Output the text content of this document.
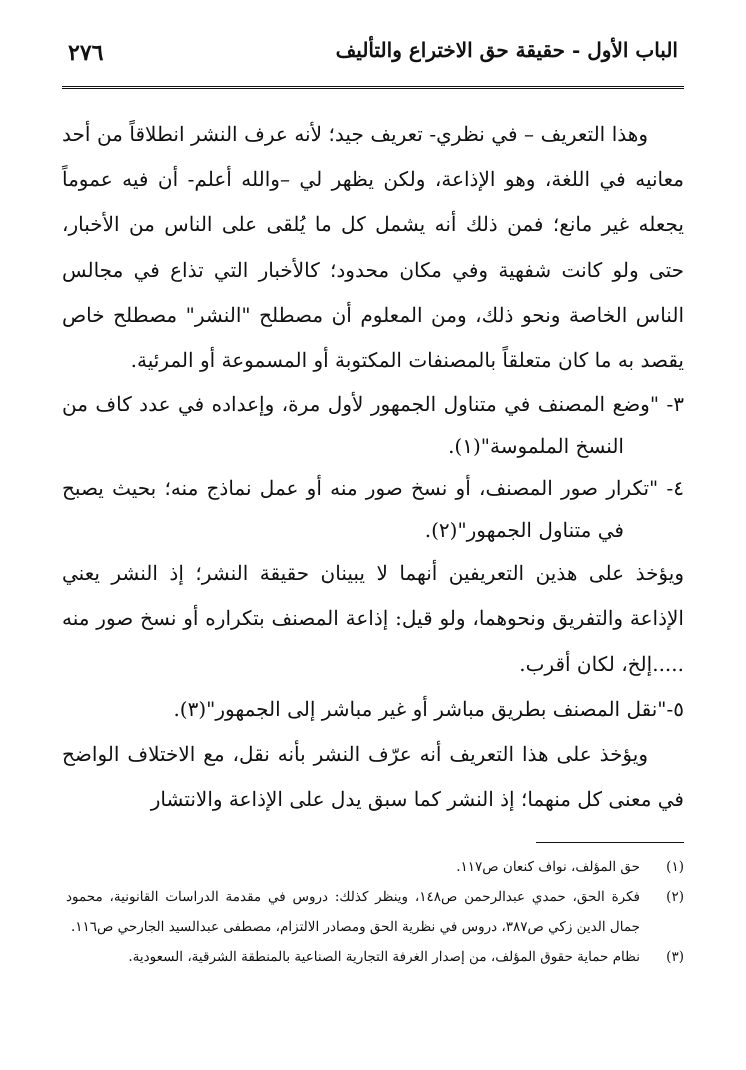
الباب الأول - حقيقة حق الاختراع والتأليف
٢٧٦

وهذا التعريف – في نظري- تعريف جيد؛ لأنه عرف النشر انطلاقاً من أحد معانيه في اللغة، وهو الإذاعة، ولكن يظهر لي –والله أعلم- أن فيه عموماً يجعله غير مانع؛ فمن ذلك أنه يشمل كل ما يُلقى على الناس من الأخبار، حتى ولو كانت شفهية وفي مكان محدود؛ كالأخبار التي تذاع في مجالس الناس الخاصة ونحو ذلك، ومن المعلوم أن مصطلح "النشر" مصطلح خاص يقصد به ما كان متعلقاً بالمصنفات المكتوبة أو المسموعة أو المرئية.

٣- "وضع المصنف في متناول الجمهور لأول مرة، وإعداده في عدد كاف من النسخ الملموسة"(١).

٤- "تكرار صور المصنف، أو نسخ صور منه أو عمل نماذج منه؛ بحيث يصبح في متناول الجمهور"(٢).

ويؤخذ على هذين التعريفين أنهما لا يبينان حقيقة النشر؛ إذ النشر يعني الإذاعة والتفريق ونحوهما، ولو قيل: إذاعة المصنف بتكراره أو نسخ صور منه .....إلخ، لكان أقرب.

٥-"نقل المصنف بطريق مباشر أو غير مباشر إلى الجمهور"(٣).

ويؤخذ على هذا التعريف أنه عرّف النشر بأنه نقل، مع الاختلاف الواضح في معنى كل منهما؛ إذ النشر كما سبق يدل على الإذاعة والانتشار

(١)
حق المؤلف، نواف كنعان ص١١٧.
(٢)
فكرة الحق، حمدي عبدالرحمن ص١٤٨، وينظر كذلك: دروس في مقدمة الدراسات القانونية، محمود جمال الدين زكي ص٣٨٧، دروس في نظرية الحق ومصادر الالتزام، مصطفى عبدالسيد الجارحي ص١١٦.
(٣)
نظام حماية حقوق المؤلف، من إصدار الغرفة التجارية الصناعية بالمنطقة الشرقية، السعودية.
